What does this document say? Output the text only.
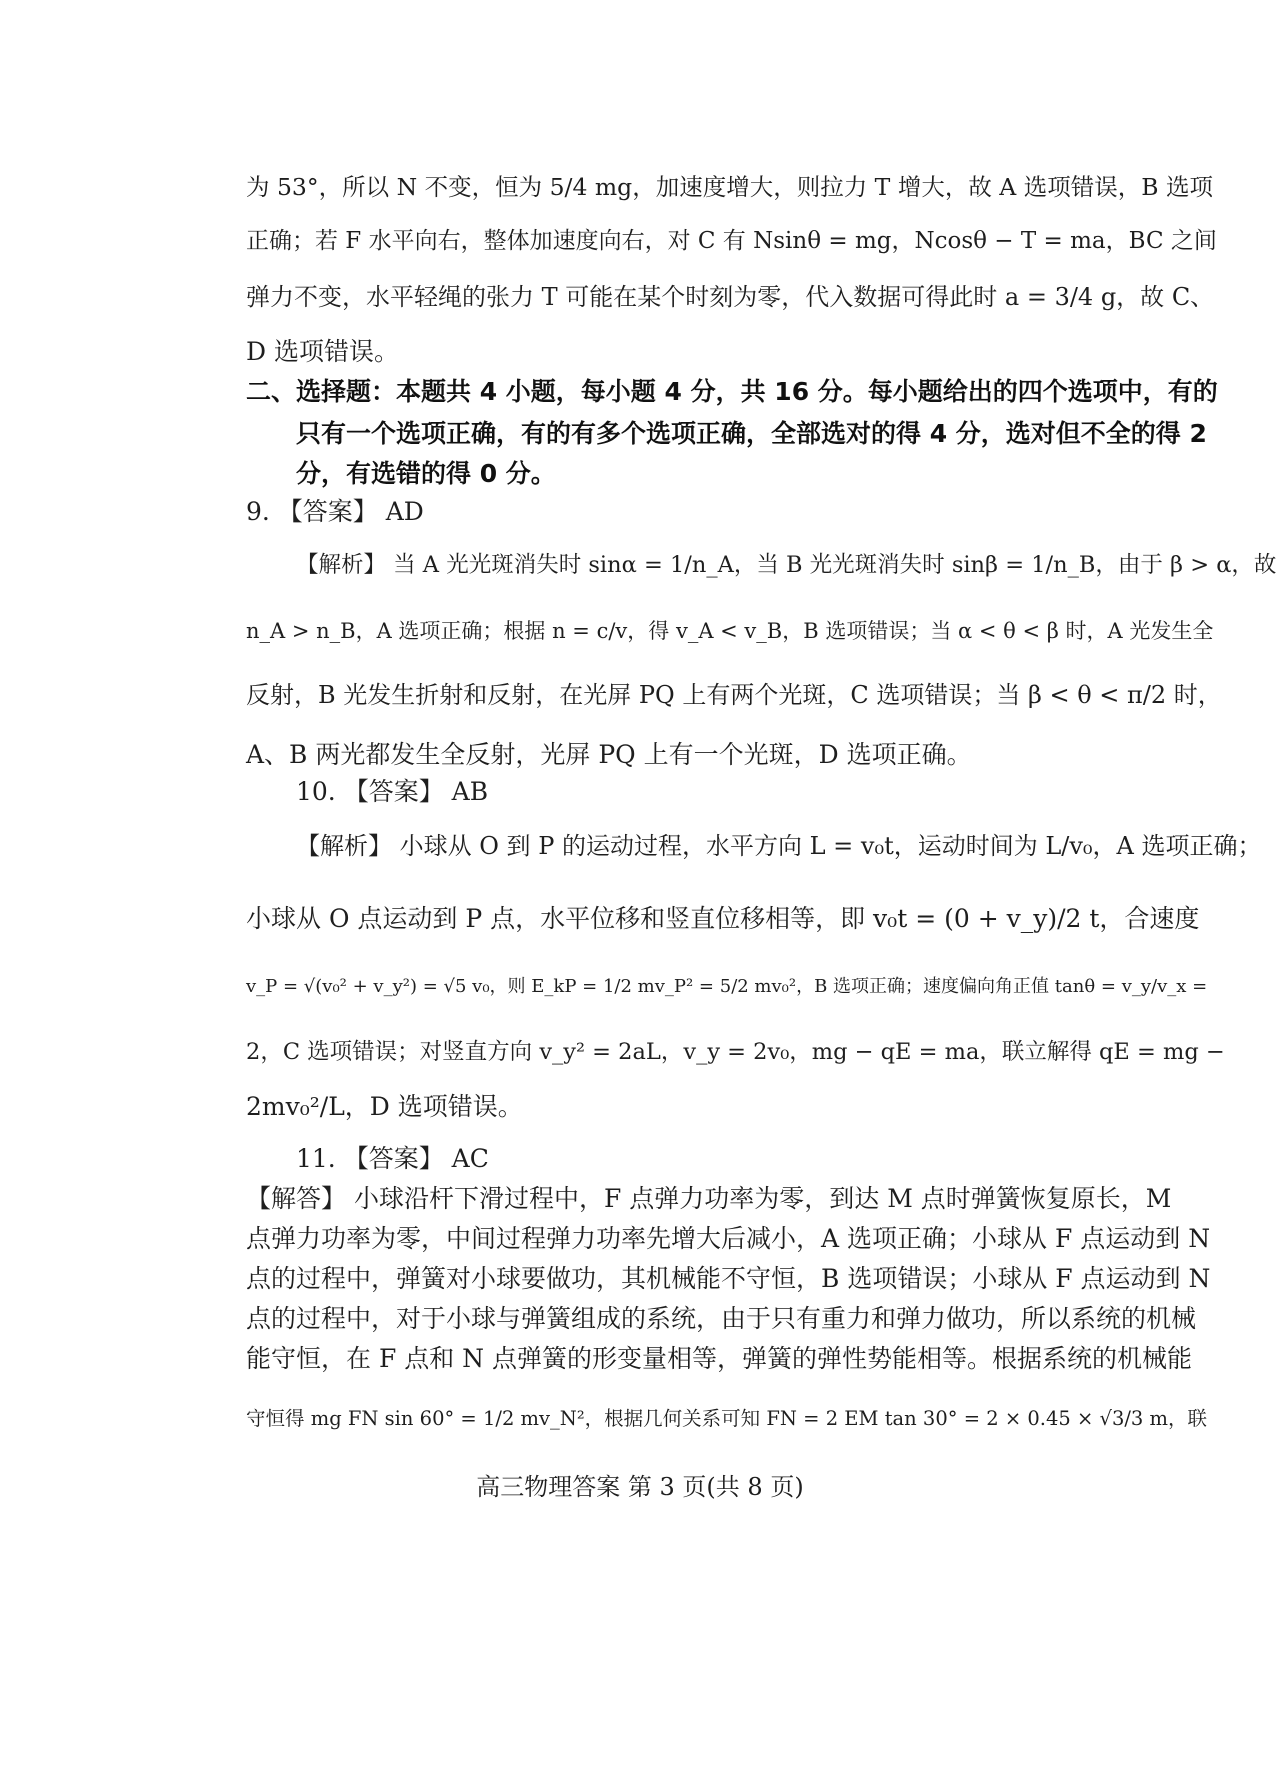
为 53°，所以 N 不变，恒为 5/4 mg，加速度增大，则拉力 T 增大，故 A 选项错误，B 选项
正确；若 F 水平向右，整体加速度向右，对 C 有 Nsinθ = mg，Ncosθ − T = ma，BC 之间
弹力不变，水平轻绳的张力 T 可能在某个时刻为零，代入数据可得此时 a = 3/4 g，故 C、
D 选项错误。
二、选择题：本题共 4 小题，每小题 4 分，共 16 分。每小题给出的四个选项中，有的
只有一个选项正确，有的有多个选项正确，全部选对的得 4 分，选对但不全的得 2
分，有选错的得 0 分。
9. 【答案】 AD
【解析】 当 A 光光斑消失时 sinα = 1/n_A，当 B 光光斑消失时 sinβ = 1/n_B，由于 β > α，故
n_A > n_B，A 选项正确；根据 n = c/v，得 v_A < v_B，B 选项错误；当 α < θ < β 时，A 光发生全
反射，B 光发生折射和反射，在光屏 PQ 上有两个光斑，C 选项错误；当 β < θ < π/2 时，
A、B 两光都发生全反射，光屏 PQ 上有一个光斑，D 选项正确。
10. 【答案】 AB
【解析】 小球从 O 到 P 的运动过程，水平方向 L = v₀t，运动时间为 L/v₀，A 选项正确；
小球从 O 点运动到 P 点，水平位移和竖直位移相等，即 v₀t = (0 + v_y)/2 t，合速度
v_P = √(v₀² + v_y²) = √5 v₀，则 E_kP = 1/2 mv_P² = 5/2 mv₀²，B 选项正确；速度偏向角正值 tanθ = v_y/v_x =
2，C 选项错误；对竖直方向 v_y² = 2aL，v_y = 2v₀，mg − qE = ma，联立解得 qE = mg −
2mv₀²/L，D 选项错误。
11. 【答案】 AC
【解答】 小球沿杆下滑过程中，F 点弹力功率为零，到达 M 点时弹簧恢复原长，M
点弹力功率为零，中间过程弹力功率先增大后减小，A 选项正确；小球从 F 点运动到 N
点的过程中，弹簧对小球要做功，其机械能不守恒，B 选项错误；小球从 F 点运动到 N
点的过程中，对于小球与弹簧组成的系统，由于只有重力和弹力做功，所以系统的机械
能守恒，在 F 点和 N 点弹簧的形变量相等，弹簧的弹性势能相等。根据系统的机械能
守恒得 mg FN sin 60° = 1/2 mv_N²，根据几何关系可知 FN = 2 EM tan 30° = 2 × 0.45 × √3/3 m，联
高三物理答案 第 3 页(共 8 页)
